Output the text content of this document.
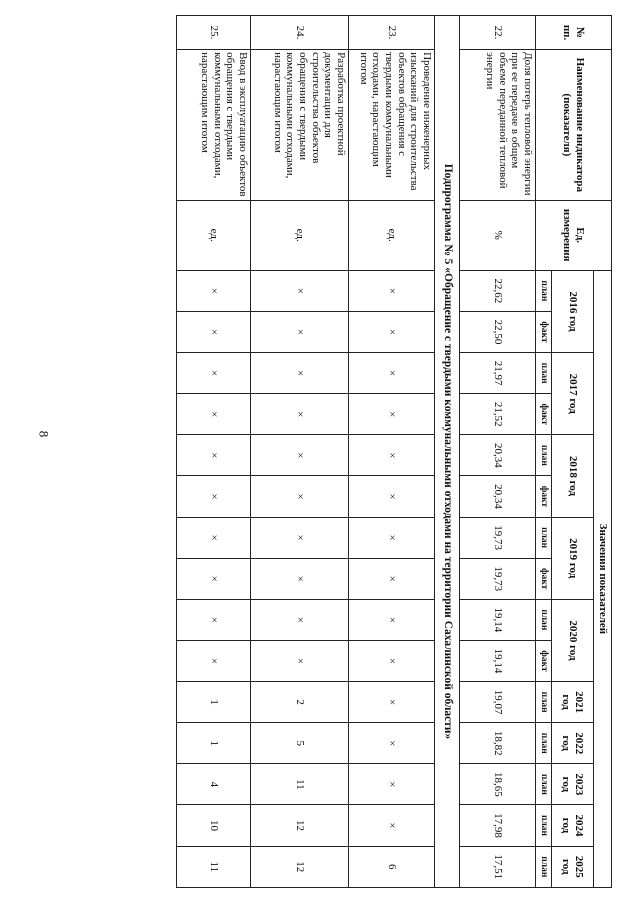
8
№ пп.	Наименование индикатора (показателя)	Ед. измерения	Значения показателей														
			2016 год		2017 год		2018 год		2019 год		2020 год		2021 год	2022 год	2023 год	2024 год	2025 год
			план	факт	план	факт	план	факт	план	факт	план	факт	план	план	план	план	план
22.	Доля потерь тепловой энергии при ее передаче в общем объеме переданной тепловой энергии	%	22,62	22,50	21,97	21,52	20,34	20,34	19,73	19,73	19,14	19,14	19,07	18,82	18,65	17,98	17,51
Подпрограмма № 5 «Обращение с твердыми коммунальными отходами на территории Сахалинской области»																	
23.	Проведение инженерных изысканий для строительства объектов обращения с твердыми коммунальными отходами, нарастающим итогом	ед.	×	×	×	×	×	×	×	×	×	×	×	×	×	×	6
24.	Разработка проектной документации для строительства объектов обращения с твердыми коммунальными отходами, нарастающим итогом	ед.	×	×	×	×	×	×	×	×	×	×	2	5	11	12	12
25.	Ввод в эксплуатацию объектов обращения с твердыми коммунальными отходами, нарастающим итогом	ед.	×	×	×	×	×	×	×	×	×	×	1	1	4	10	11
